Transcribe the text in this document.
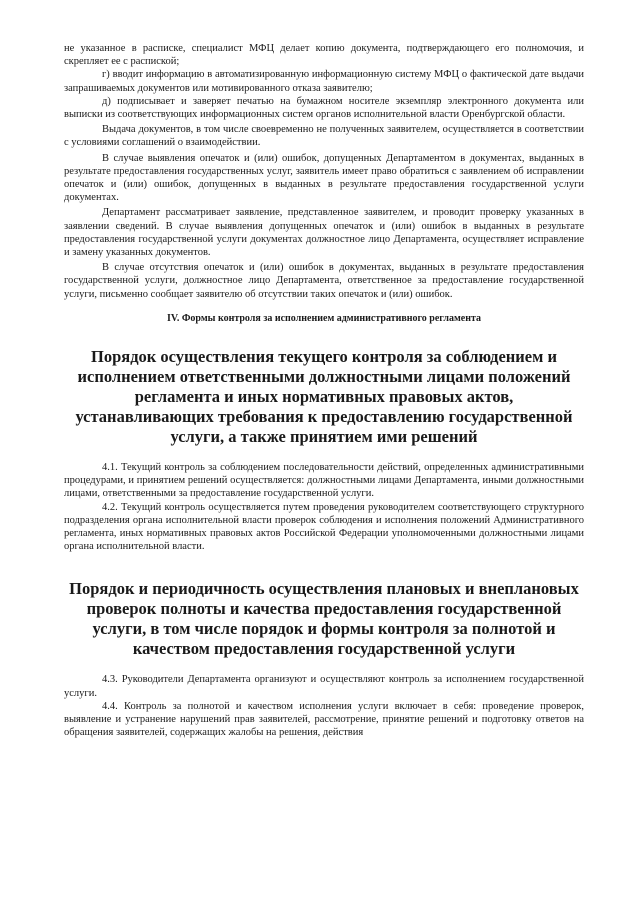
не указанное в расписке, специалист МФЦ делает копию документа, подтверждающего его полномочия, и скрепляет ее с распиской;

г) вводит информацию в автоматизированную информационную систему МФЦ о фактической дате выдачи запрашиваемых документов или мотивированного отказа заявителю;

д) подписывает и заверяет печатью на бумажном носителе экземпляр электронного документа или выписки из соответствующих информационных систем органов исполнительной власти Оренбургской области.

Выдача документов, в том числе своевременно не полученных заявителем, осуществляется в соответствии с условиями соглашений о взаимодействии.

В случае выявления опечаток и (или) ошибок, допущенных Департаментом в документах, выданных в результате предоставления государственных услуг, заявитель имеет право обратиться с заявлением об исправлении опечаток и (или) ошибок, допущенных в выданных в результате предоставления государственной услуги документах.

Департамент рассматривает заявление, представленное заявителем, и проводит проверку указанных в заявлении сведений. В случае выявления допущенных опечаток и (или) ошибок в выданных в результате предоставления государственной услуги документах должностное лицо Департамента, осуществляет исправление и замену указанных документов.

В случае отсутствия опечаток и (или) ошибок в документах, выданных в результате предоставления государственной услуги, должностное лицо Департамента, ответственное за предоставление государственной услуги, письменно сообщает заявителю об отсутствии таких опечаток и (или) ошибок.

IV. Формы контроля за исполнением административного регламента

Порядок осуществления текущего контроля за соблюдением и исполнением ответственными должностными лицами положений регламента и иных нормативных правовых актов, устанавливающих требования к предоставлению государственной услуги, а также принятием ими решений

4.1. Текущий контроль за соблюдением последовательности действий, определенных административными процедурами, и принятием решений осуществляется: должностными лицами Департамента, иными должностными лицами, ответственными за предоставление государственной услуги.

4.2. Текущий контроль осуществляется путем проведения руководителем соответствующего структурного подразделения органа исполнительной власти проверок соблюдения и исполнения положений Административного регламента, иных нормативных правовых актов Российской Федерации уполномоченными должностными лицами органа исполнительной власти.

Порядок и периодичность осуществления плановых и внеплановых проверок полноты и качества предоставления государственной услуги, в том числе порядок и формы контроля за полнотой и качеством предоставления государственной услуги

4.3. Руководители Департамента организуют и осуществляют контроль за исполнением государственной услуги.

4.4. Контроль за полнотой и качеством исполнения услуги включает в себя: проведение проверок, выявление и устранение нарушений прав заявителей, рассмотрение, принятие решений и подготовку ответов на обращения заявителей, содержащих жалобы на решения, действия
